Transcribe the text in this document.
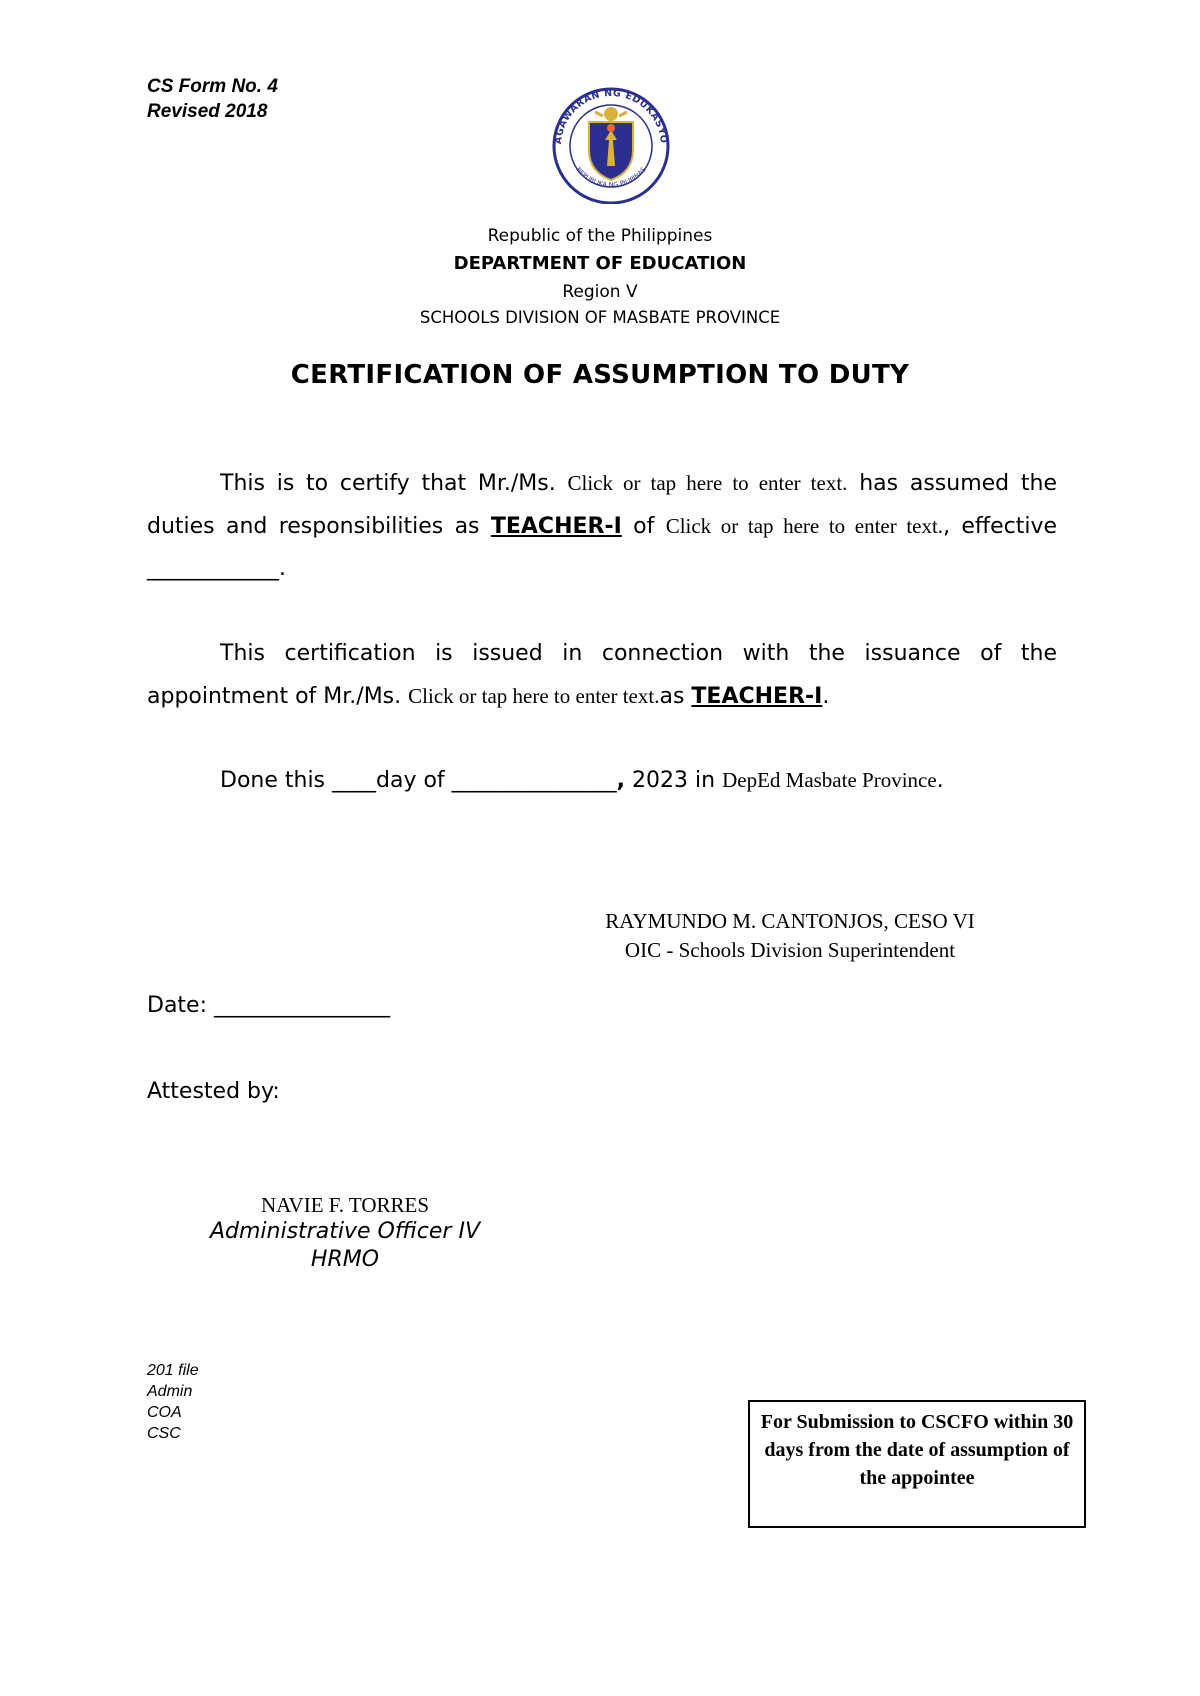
CS Form No. 4
Revised 2018
AGAWARAN NG EDUKASYO
REPUBLIKA NG PILIPINAS
Republic of the Philippines
DEPARTMENT OF EDUCATION
Region V
SCHOOLS DIVISION OF MASBATE PROVINCE
CERTIFICATION OF ASSUMPTION TO DUTY
This is to certify that Mr./Ms. Click or tap here to enter text. has assumed the duties and responsibilities as TEACHER-I of Click or tap here to enter text., effective ____________.
This certification is issued in connection with the issuance of the appointment of Mr./Ms. Click or tap here to enter text.as TEACHER-I.
Done this ____day of _______________, 2023 in DepEd Masbate Province.
RAYMUNDO M. CANTONJOS, CESO VI
OIC - Schools Division Superintendent
Date: ________________
Attested by:
NAVIE F. TORRES
Administrative Officer IV
HRMO
201 file
Admin
COA
CSC
For Submission to CSCFO within 30 days from the date of assumption of the appointee
